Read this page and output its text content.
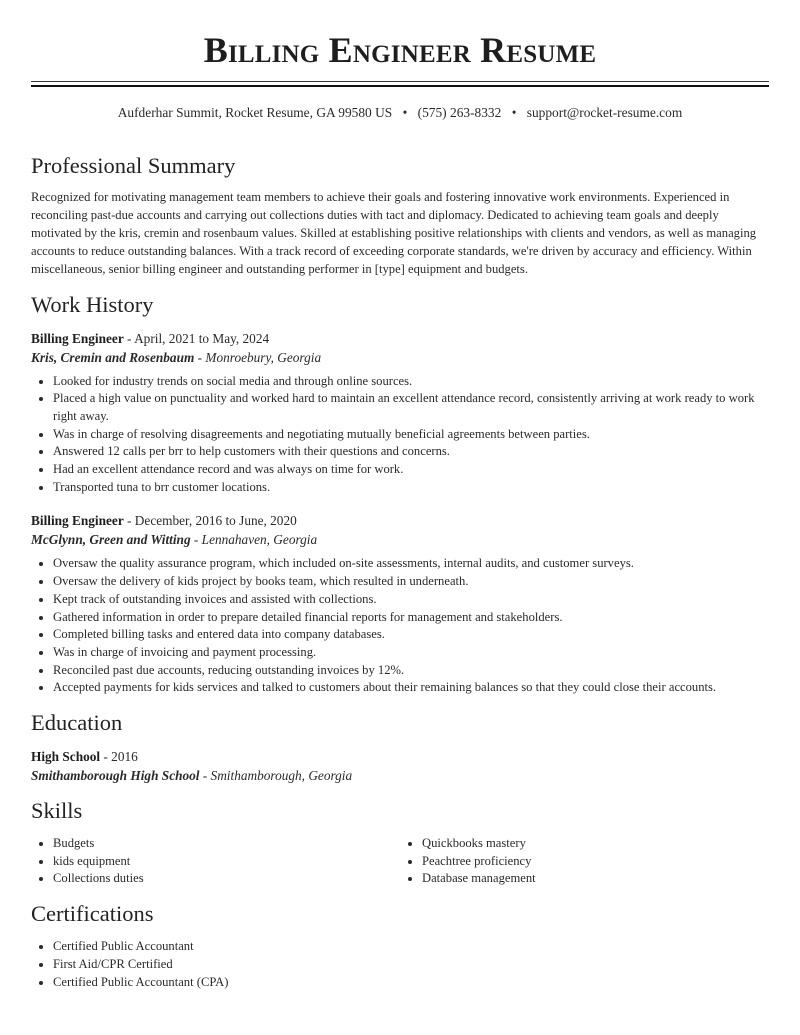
Billing Engineer Resume
Aufderhar Summit, Rocket Resume, GA 99580 US • (575) 263-8332 • support@rocket-resume.com
Professional Summary

Recognized for motivating management team members to achieve their goals and fostering innovative work environments. Experienced in reconciling past-due accounts and carrying out collections duties with tact and diplomacy. Dedicated to achieving team goals and deeply motivated by the kris, cremin and rosenbaum values. Skilled at establishing positive relationships with clients and vendors, as well as managing accounts to reduce outstanding balances. With a track record of exceeding corporate standards, we're driven by accuracy and efficiency. Within miscellaneous, senior billing engineer and outstanding performer in [type] equipment and budgets.

Work History
Billing Engineer - April, 2021 to May, 2024
Kris, Cremin and Rosenbaum - Monroebury, Georgia
• Looked for industry trends on social media and through online sources.
• Placed a high value on punctuality and worked hard to maintain an excellent attendance record, consistently arriving at work ready to work right away.
• Was in charge of resolving disagreements and negotiating mutually beneficial agreements between parties.
• Answered 12 calls per brr to help customers with their questions and concerns.
• Had an excellent attendance record and was always on time for work.
• Transported tuna to brr customer locations.
Billing Engineer - December, 2016 to June, 2020
McGlynn, Green and Witting - Lennahaven, Georgia
• Oversaw the quality assurance program, which included on-site assessments, internal audits, and customer surveys.
• Oversaw the delivery of kids project by books team, which resulted in underneath.
• Kept track of outstanding invoices and assisted with collections.
• Gathered information in order to prepare detailed financial reports for management and stakeholders.
• Completed billing tasks and entered data into company databases.
• Was in charge of invoicing and payment processing.
• Reconciled past due accounts, reducing outstanding invoices by 12%.
• Accepted payments for kids services and talked to customers about their remaining balances so that they could close their accounts.
Education
High School - 2016
Smithamborough High School - Smithamborough, Georgia
Skills
• Budgets
• kids equipment
• Collections duties
• Quickbooks mastery
• Peachtree proficiency
• Database management
Certifications
• Certified Public Accountant
• First Aid/CPR Certified
• Certified Public Accountant (CPA)
